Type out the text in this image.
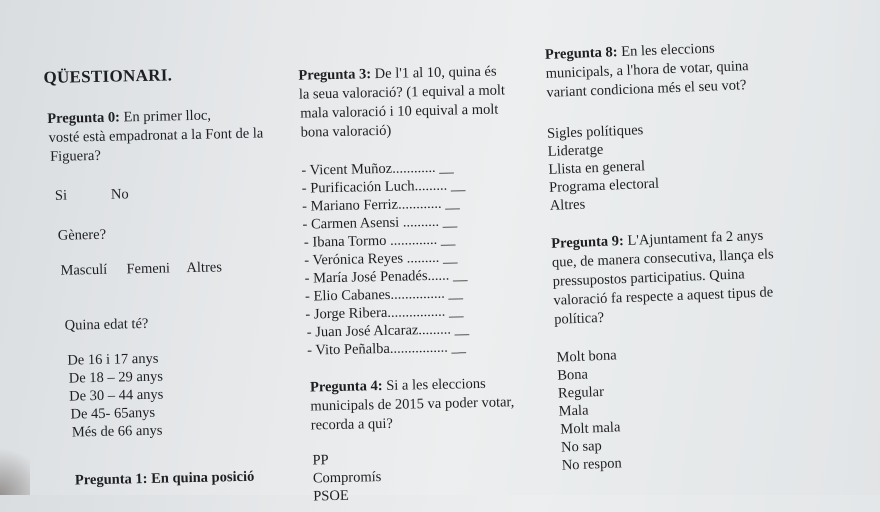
QÜESTIONARI.
Pregunta 0: En primer lloc,
vosté està empadronat a la Font de la
Figuera?
Si	No
Gènere?
Masculí Femeni Altres
Quina edat té?
De 16 i 17 anys
De 18 – 29 anys
De 30 – 44 anys
De 45- 65anys
Més de 66 anys
Pregunta 1: En quina posició
Pregunta 3: De l'1 al 10, quina és
la seua valoració? (1 equival a molt
mala valoració i 10 equival a molt
bona valoració)
- Vicent Muñoz............ __
- Purificación Luch......... __
- Mariano Ferriz............ __
- Carmen Asensi .......... __
- Ibana Tormo ............. __
- Verónica Reyes ......... __
- María José Penadés...... __
- Elio Cabanes............... __
- Jorge Ribera................ __
- Juan José Alcaraz......... __
- Vito Peñalba................ __
Pregunta 4: Si a les eleccions
municipals de 2015 va poder votar,
recorda a qui?
PP
Compromís
PSOE
Pregunta 8: En les eleccions
municipals, a l'hora de votar, quina
variant condiciona més el seu vot?
Sigles polítiques
Lideratge
Llista en general
Programa electoral
Altres
Pregunta 9: L'Ajuntament fa 2 anys
que, de manera consecutiva, llança els
pressupostos participatius. Quina
valoració fa respecte a aquest tipus de
política?
Molt bona
Bona
Regular
Mala
Molt mala
No sap
No respon
